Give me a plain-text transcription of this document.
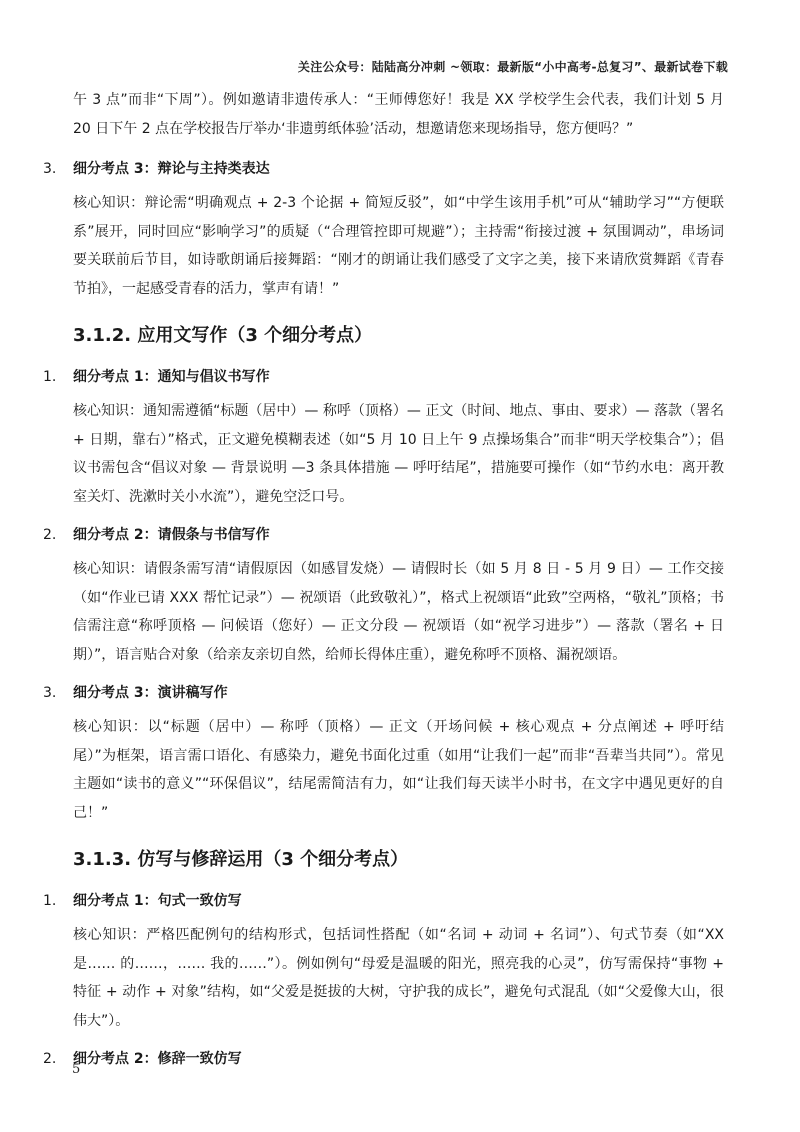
关注公众号：陆陆高分冲刺 ~领取：最新版“小中高考-总复习”、最新试卷下载

午 3 点”而非“下周”）。例如邀请非遗传承人：“王师傅您好！我是 XX 学校学生会代表，我们计划 5 月 20 日下午 2 点在学校报告厅举办‘非遗剪纸体验’活动，想邀请您来现场指导，您方便吗？”

3. 细分考点 3：辩论与主持类表达

核心知识：辩论需“明确观点 + 2-3 个论据 + 简短反驳”，如“中学生该用手机”可从“辅助学习”“方便联系”展开，同时回应“影响学习”的质疑（“合理管控即可规避”）；主持需“衔接过渡 + 氛围调动”，串场词要关联前后节目，如诗歌朗诵后接舞蹈：“刚才的朗诵让我们感受了文字之美，接下来请欣赏舞蹈《青春节拍》，一起感受青春的活力，掌声有请！”

3.1.2. 应用文写作（3 个细分考点）
1. 细分考点 1：通知与倡议书写作

核心知识：通知需遵循“标题（居中）— 称呼（顶格）— 正文（时间、地点、事由、要求）— 落款（署名 + 日期，靠右）”格式，正文避免模糊表述（如“5 月 10 日上午 9 点操场集合”而非“明天学校集合”）；倡议书需包含“倡议对象 — 背景说明 —3 条具体措施 — 呼吁结尾”，措施要可操作（如“节约水电：离开教室关灯、洗漱时关小水流”），避免空泛口号。

2. 细分考点 2：请假条与书信写作

核心知识：请假条需写清“请假原因（如感冒发烧）— 请假时长（如 5 月 8 日 - 5 月 9 日）— 工作交接（如“作业已请 XXX 帮忙记录”）— 祝颂语（此致敬礼）”，格式上祝颂语“此致”空两格，“敬礼”顶格；书信需注意“称呼顶格 — 问候语（您好）— 正文分段 — 祝颂语（如“祝学习进步”）— 落款（署名 + 日期）”，语言贴合对象（给亲友亲切自然，给师长得体庄重），避免称呼不顶格、漏祝颂语。

3. 细分考点 3：演讲稿写作

核心知识：以“标题（居中）— 称呼（顶格）— 正文（开场问候 + 核心观点 + 分点阐述 + 呼吁结尾）”为框架，语言需口语化、有感染力，避免书面化过重（如用“让我们一起”而非“吾辈当共同”）。常见主题如“读书的意义”“环保倡议”，结尾需简洁有力，如“让我们每天读半小时书，在文字中遇见更好的自己！”

3.1.3. 仿写与修辞运用（3 个细分考点）
1. 细分考点 1：句式一致仿写

核心知识：严格匹配例句的结构形式，包括词性搭配（如“名词 + 动词 + 名词”）、句式节奏（如“XX 是…… 的……，…… 我的……”）。例如例句“母爱是温暖的阳光，照亮我的心灵”，仿写需保持“事物 + 特征 + 动作 + 对象”结构，如“父爱是挺拔的大树，守护我的成长”，避免句式混乱（如“父爱像大山，很伟大”）。

2. 细分考点 2：修辞一致仿写
5
